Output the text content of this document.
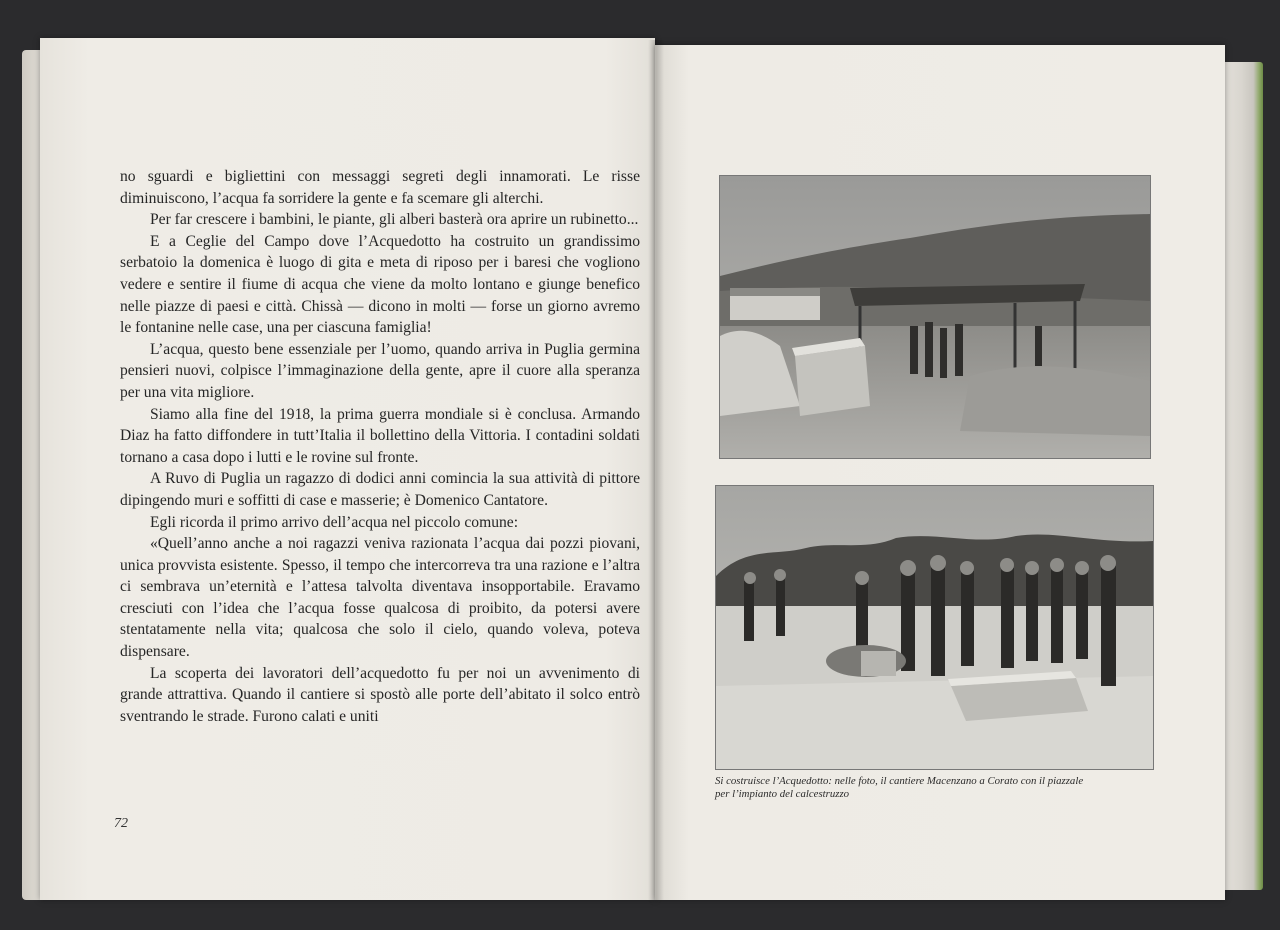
no sguardi e bigliettini con messaggi segreti degli innamorati. Le risse diminuiscono, l’acqua fa sorridere la gente e fa scemare gli alterchi.

Per far crescere i bambini, le piante, gli alberi basterà ora aprire un rubinetto...

E a Ceglie del Campo dove l’Acquedotto ha costruito un grandissimo serbatoio la domenica è luogo di gita e meta di riposo per i baresi che vogliono vedere e sentire il fiume di acqua che viene da molto lontano e giunge benefico nelle piazze di paesi e città. Chissà — dicono in molti — forse un giorno avremo le fontanine nelle case, una per ciascuna famiglia!

L’acqua, questo bene essenziale per l’uomo, quando arriva in Puglia germina pensieri nuovi, colpisce l’immaginazione della gente, apre il cuore alla speranza per una vita migliore.

Siamo alla fine del 1918, la prima guerra mondiale si è conclusa. Armando Diaz ha fatto diffondere in tutt’Italia il bollettino della Vittoria. I contadini soldati tornano a casa dopo i lutti e le rovine sul fronte.

A Ruvo di Puglia un ragazzo di dodici anni comincia la sua attività di pittore dipingendo muri e soffitti di case e masserie; è Domenico Cantatore.

Egli ricorda il primo arrivo dell’acqua nel piccolo comune:

«Quell’anno anche a noi ragazzi veniva razionata l’acqua dai pozzi piovani, unica provvista esistente. Spesso, il tempo che intercorreva tra una razione e l’altra ci sembrava un’eternità e l’attesa talvolta diventava insopportabile. Eravamo cresciuti con l’idea che l’acqua fosse qualcosa di proibito, da potersi avere stentatamente nella vita; qualcosa che solo il cielo, quando voleva, poteva dispensare.

La scoperta dei lavoratori dell’acquedotto fu per noi un avvenimento di grande attrattiva. Quando il cantiere si spostò alle porte dell’abitato il solco entrò sventrando le strade. Furono calati e uniti

72
Si costruisce l’Acquedotto: nelle foto, il cantiere Macenzano a Corato con il piazzale
per l’impianto del calcestruzzo
